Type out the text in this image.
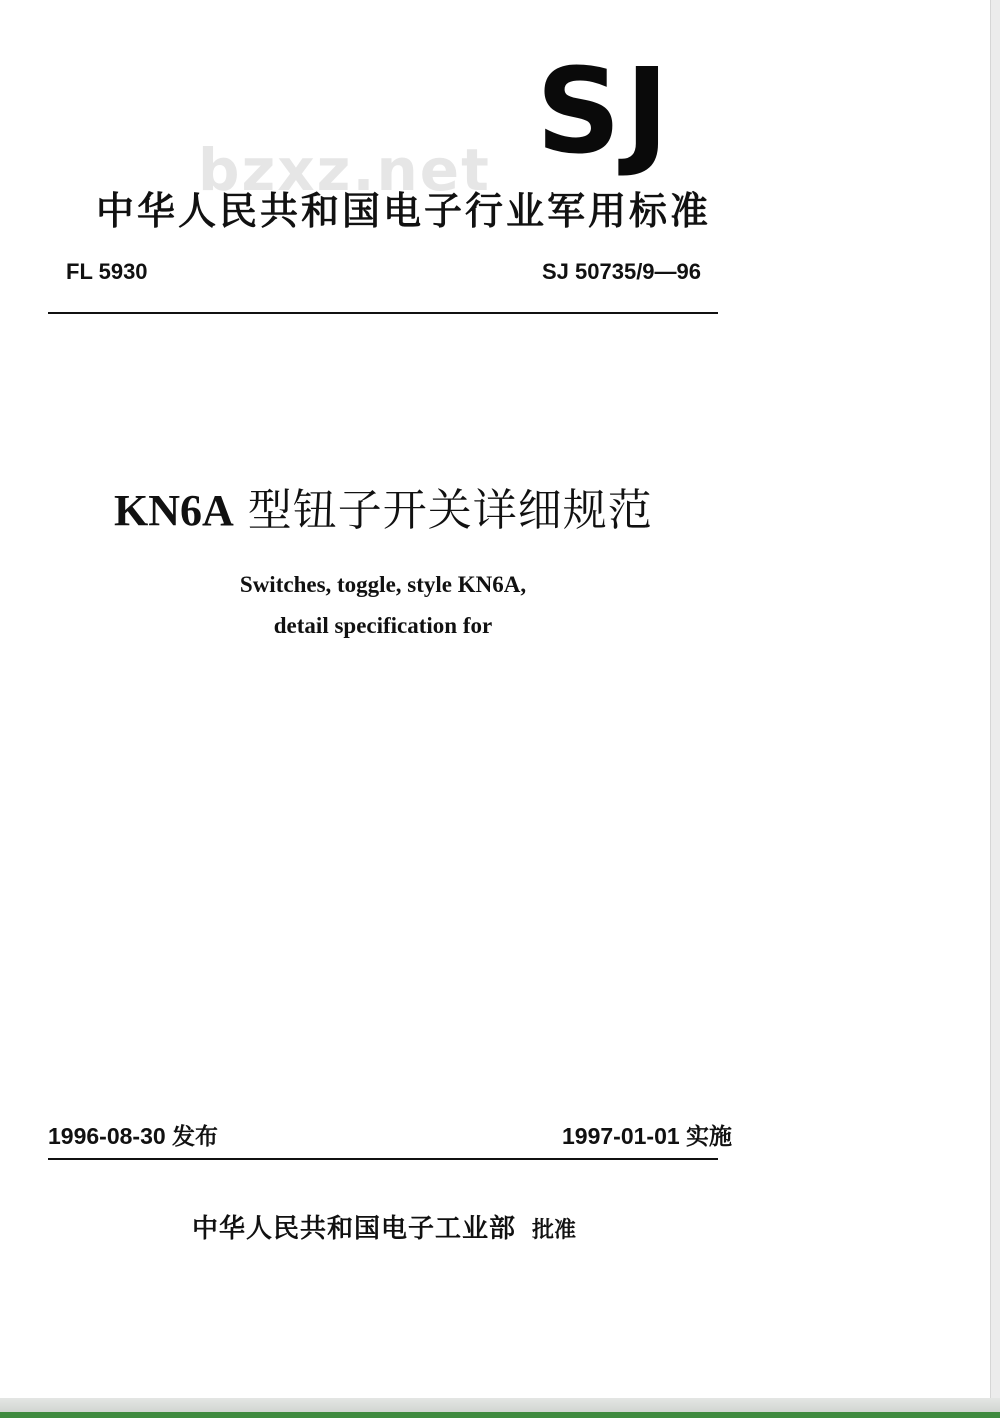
SJ
bzxz.net
中华人民共和国电子行业军用标准
FL 5930	SJ 50735/9—96
KN6A 型钮子开关详细规范
Switches, toggle, style KN6A,
detail specification for
1996-08-30 发布	1997-01-01 实施
中华人民共和国电子工业部 批准
